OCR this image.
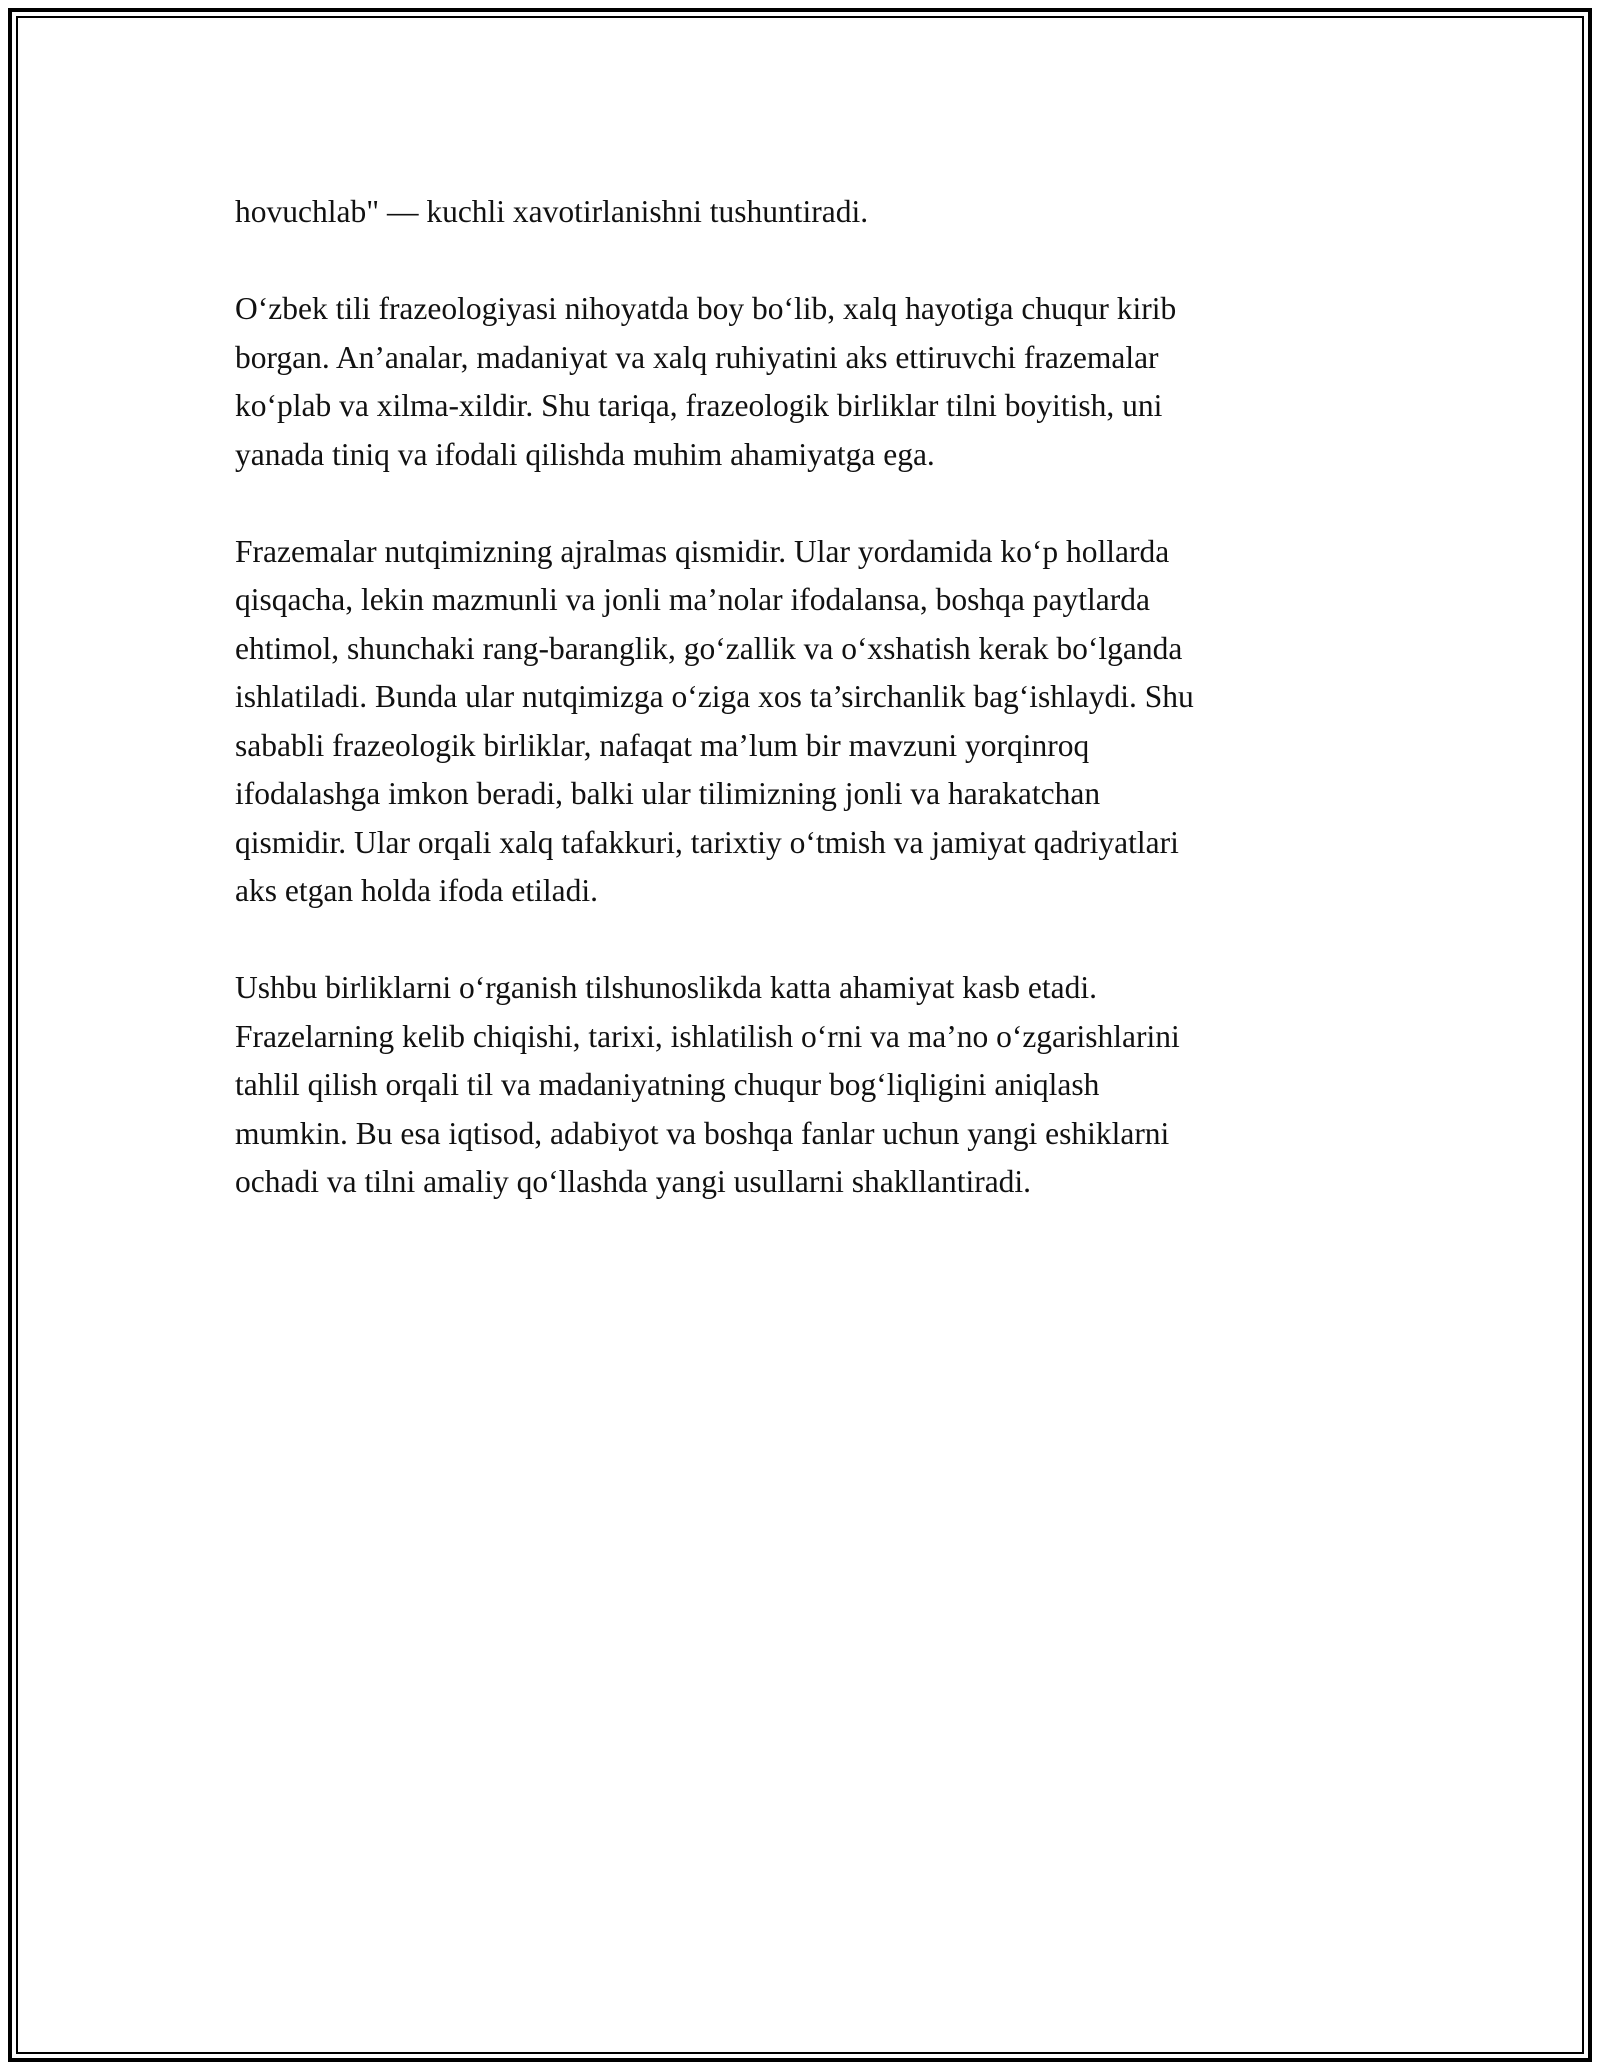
hovuchlab" — kuchli xavotirlanishni tushuntiradi.

O‘zbek tili frazeologiyasi nihoyatda boy bo‘lib, xalq hayotiga chuqur kirib
borgan. An’analar, madaniyat va xalq ruhiyatini aks ettiruvchi frazemalar
ko‘plab va xilma-xildir. Shu tariqa, frazeologik birliklar tilni boyitish, uni
yanada tiniq va ifodali qilishda muhim ahamiyatga ega.

Frazemalar nutqimizning ajralmas qismidir. Ular yordamida ko‘p hollarda
qisqacha, lekin mazmunli va jonli ma’nolar ifodalansa, boshqa paytlarda
ehtimol, shunchaki rang-baranglik, go‘zallik va o‘xshatish kerak bo‘lganda
ishlatiladi. Bunda ular nutqimizga o‘ziga xos ta’sirchanlik bag‘ishlaydi. Shu
sababli frazeologik birliklar, nafaqat ma’lum bir mavzuni yorqinroq
ifodalashga imkon beradi, balki ular tilimizning jonli va harakatchan
qismidir. Ular orqali xalq tafakkuri, tarixtiy o‘tmish va jamiyat qadriyatlari
aks etgan holda ifoda etiladi.

Ushbu birliklarni o‘rganish tilshunoslikda katta ahamiyat kasb etadi.
Frazelarning kelib chiqishi, tarixi, ishlatilish o‘rni va ma’no o‘zgarishlarini
tahlil qilish orqali til va madaniyatning chuqur bog‘liqligini aniqlash
mumkin. Bu esa iqtisod, adabiyot va boshqa fanlar uchun yangi eshiklarni
ochadi va tilni amaliy qo‘llashda yangi usullarni shakllantiradi.
